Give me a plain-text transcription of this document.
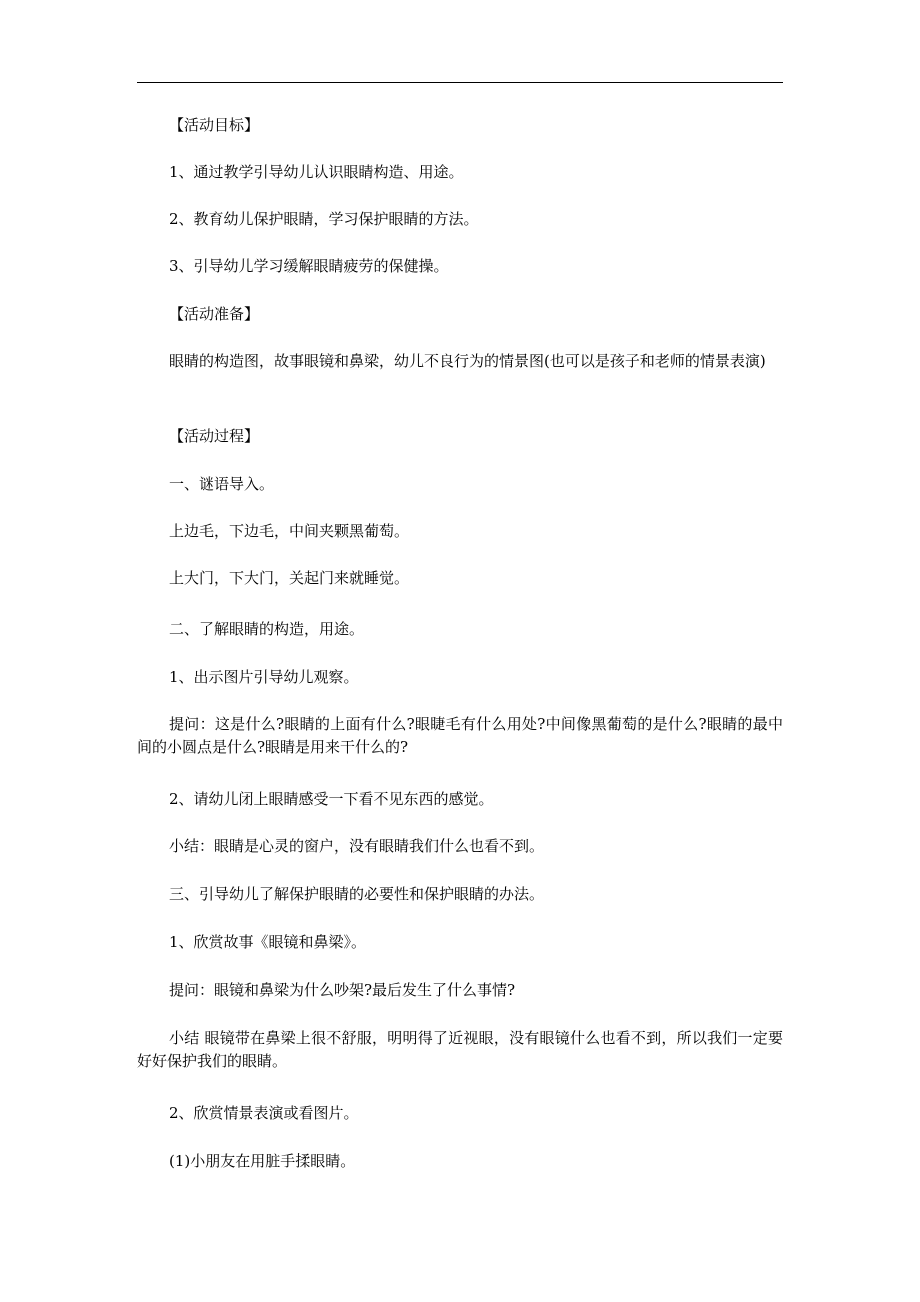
【活动目标】

1、通过教学引导幼儿认识眼睛构造、用途。

2、教育幼儿保护眼睛，学习保护眼睛的方法。

3、引导幼儿学习缓解眼睛疲劳的保健操。

【活动准备】

眼睛的构造图，故事眼镜和鼻梁，幼儿不良行为的情景图(也可以是孩子和老师的情景表演)

【活动过程】

一、谜语导入。

上边毛，下边毛，中间夹颗黑葡萄。

上大门，下大门，关起门来就睡觉。

二、了解眼睛的构造，用途。

1、出示图片引导幼儿观察。

提问：这是什么?眼睛的上面有什么?眼睫毛有什么用处?中间像黑葡萄的是什么?眼睛的最中间的小圆点是什么?眼睛是用来干什么的?

2、请幼儿闭上眼睛感受一下看不见东西的感觉。

小结：眼睛是心灵的窗户，没有眼睛我们什么也看不到。

三、引导幼儿了解保护眼睛的必要性和保护眼睛的办法。

1、欣赏故事《眼镜和鼻梁》。

提问：眼镜和鼻梁为什么吵架?最后发生了什么事情?

小结 眼镜带在鼻梁上很不舒服，明明得了近视眼，没有眼镜什么也看不到，所以我们一定要好好保护我们的眼睛。

2、欣赏情景表演或看图片。

(1)小朋友在用脏手揉眼睛。
